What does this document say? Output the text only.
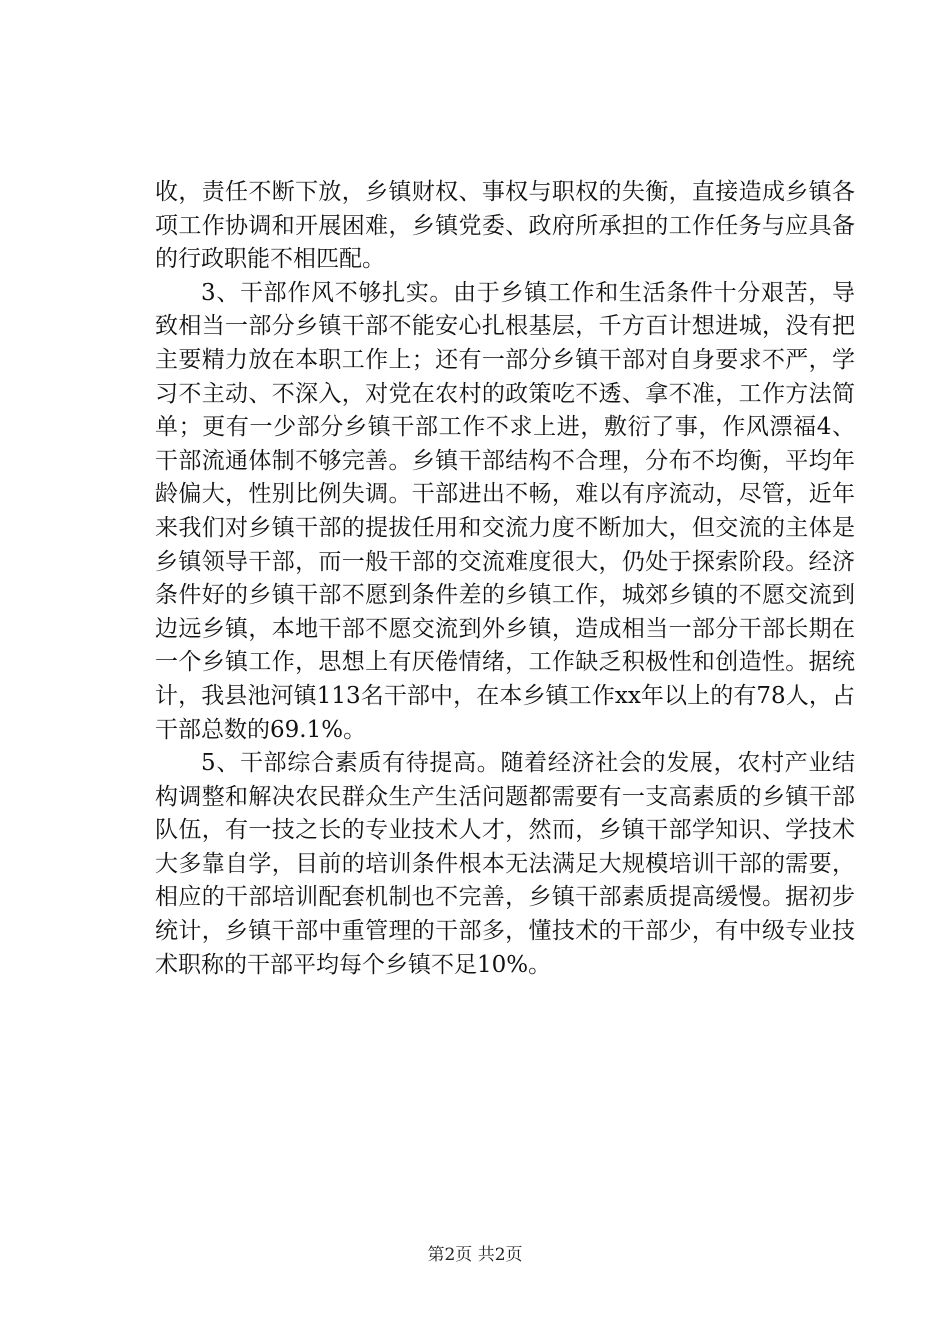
收，责任不断下放，乡镇财权、事权与职权的失衡，直接造成乡镇各项工作协调和开展困难，乡镇党委、政府所承担的工作任务与应具备的行政职能不相匹配。

3、干部作风不够扎实。由于乡镇工作和生活条件十分艰苦，导致相当一部分乡镇干部不能安心扎根基层，千方百计想进城，没有把主要精力放在本职工作上；还有一部分乡镇干部对自身要求不严，学习不主动、不深入，对党在农村的政策吃不透、拿不准，工作方法简单；更有一少部分乡镇干部工作不求上进，敷衍了事，作风漂福4、干部流通体制不够完善。乡镇干部结构不合理，分布不均衡，平均年龄偏大，性别比例失调。干部进出不畅，难以有序流动，尽管，近年来我们对乡镇干部的提拔任用和交流力度不断加大，但交流的主体是乡镇领导干部，而一般干部的交流难度很大，仍处于探索阶段。经济条件好的乡镇干部不愿到条件差的乡镇工作，城郊乡镇的不愿交流到边远乡镇，本地干部不愿交流到外乡镇，造成相当一部分干部长期在一个乡镇工作，思想上有厌倦情绪，工作缺乏积极性和创造性。据统计，我县池河镇113名干部中，在本乡镇工作xx年以上的有78人，占干部总数的69.1%。

5、干部综合素质有待提高。随着经济社会的发展，农村产业结构调整和解决农民群众生产生活问题都需要有一支高素质的乡镇干部队伍，有一技之长的专业技术人才，然而，乡镇干部学知识、学技术大多靠自学，目前的培训条件根本无法满足大规模培训干部的需要，相应的干部培训配套机制也不完善，乡镇干部素质提高缓慢。据初步统计，乡镇干部中重管理的干部多，懂技术的干部少，有中级专业技术职称的干部平均每个乡镇不足10%。

第2页 共2页
